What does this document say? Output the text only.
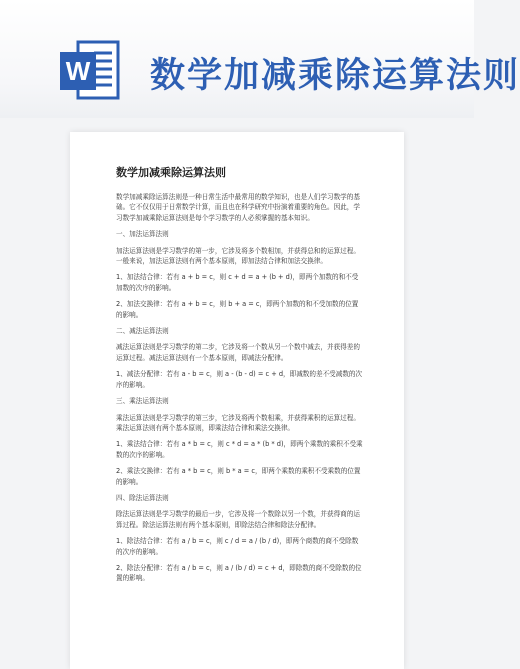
W 数学加减乘除运算法则
数学加减乘除运算法则

数学加减乘除运算法则是一种日常生活中最常用的数学知识，也是人们学习数学的基础。它不仅仅用于日常数学计算，而且也在科学研究中扮演着重要的角色。因此，学习数学加减乘除运算法则是每个学习数学的人必须掌握的基本知识。

一、加法运算法则

加法运算法则是学习数学的第一步，它涉及将多个数相加，并获得总和的运算过程。一般来说，加法运算法则有两个基本原则，即加法结合律和加法交换律。

1、加法结合律：若有 a + b = c，则 c + d = a + (b + d)，即两个加数的和不受加数的次序的影响。

2、加法交换律：若有 a + b = c，则 b + a = c，即两个加数的和不受加数的位置的影响。

二、减法运算法则

减法运算法则是学习数学的第二步，它涉及将一个数从另一个数中减去，并获得差的运算过程。减法运算法则有一个基本原则，即减法分配律。

1、减法分配律：若有 a - b = c，则 a - (b - d) = c + d，即减数的差不受减数的次序的影响。

三、乘法运算法则

乘法运算法则是学习数学的第三步，它涉及将两个数相乘，并获得乘积的运算过程。乘法运算法则有两个基本原则，即乘法结合律和乘法交换律。

1、乘法结合律：若有 a * b = c，则 c * d = a * (b * d)，即两个乘数的乘积不受乘数的次序的影响。

2、乘法交换律：若有 a * b = c，则 b * a = c，即两个乘数的乘积不受乘数的位置的影响。

四、除法运算法则

除法运算法则是学习数学的最后一步，它涉及将一个数除以另一个数，并获得商的运算过程。除法运算法则有两个基本原则，即除法结合律和除法分配律。

1、除法结合律：若有 a / b = c，则 c / d = a / (b / d)，即两个商数的商不受除数的次序的影响。

2、除法分配律：若有 a / b = c，则 a / (b / d) = c + d，即除数的商不受除数的位置的影响。
